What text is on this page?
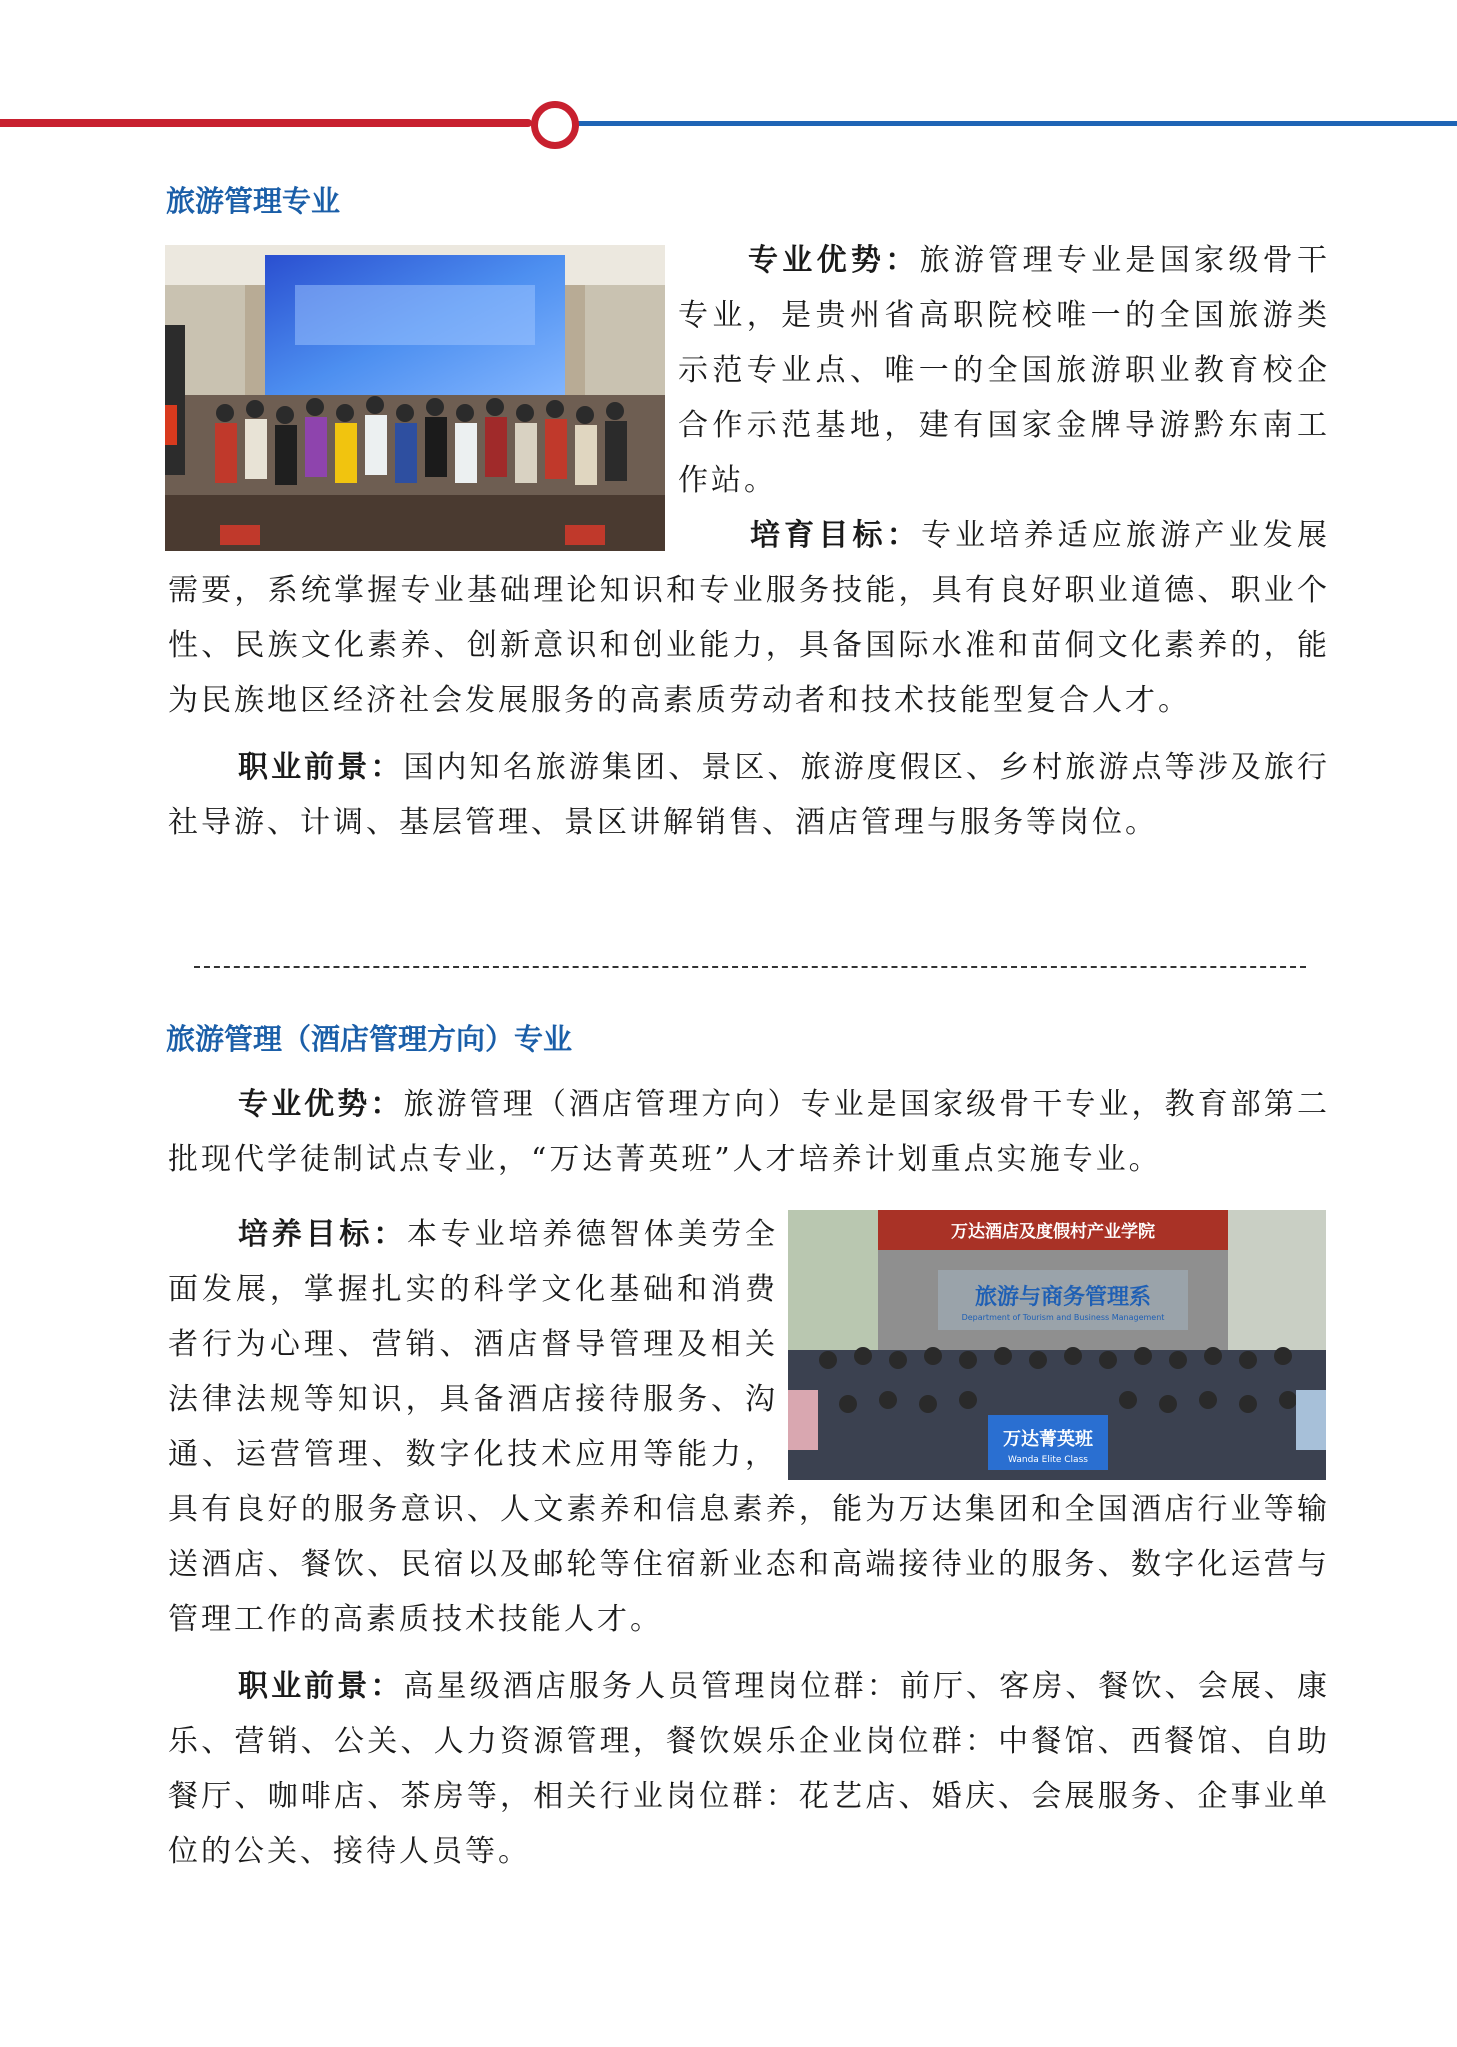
旅游管理专业

专业优势：旅游管理专业是国家级骨干专业，是贵州省高职院校唯一的全国旅游类示范专业点、唯一的全国旅游职业教育校企合作示范基地，建有国家金牌导游黔东南工作站。

培育目标：专业培养适应旅游产业发展需要，系统掌握专业基础理论知识和专业服务技能，具有良好职业道德、职业个性、民族文化素养、创新意识和创业能力，具备国际水准和苗侗文化素养的，能为民族地区经济社会发展服务的高素质劳动者和技术技能型复合人才。

职业前景：国内知名旅游集团、景区、旅游度假区、乡村旅游点等涉及旅行社导游、计调、基层管理、景区讲解销售、酒店管理与服务等岗位。

旅游管理（酒店管理方向）专业

专业优势：旅游管理（酒店管理方向）专业是国家级骨干专业，教育部第二批现代学徒制试点专业，“万达菁英班”人才培养计划重点实施专业。

万达酒店及度假村产业学院
旅游与商务管理系
Department of Tourism and Business Management
万达菁英班
Wanda Elite Class

培养目标：本专业培养德智体美劳全面发展，掌握扎实的科学文化基础和消费者行为心理、营销、酒店督导管理及相关法律法规等知识，具备酒店接待服务、沟通、运营管理、数字化技术应用等能力，具有良好的服务意识、人文素养和信息素养，能为万达集团和全国酒店行业等输送酒店、餐饮、民宿以及邮轮等住宿新业态和高端接待业的服务、数字化运营与管理工作的高素质技术技能人才。

职业前景：高星级酒店服务人员管理岗位群：前厅、客房、餐饮、会展、康乐、营销、公关、人力资源管理，餐饮娱乐企业岗位群：中餐馆、西餐馆、自助餐厅、咖啡店、茶房等，相关行业岗位群：花艺店、婚庆、会展服务、企事业单位的公关、接待人员等。
